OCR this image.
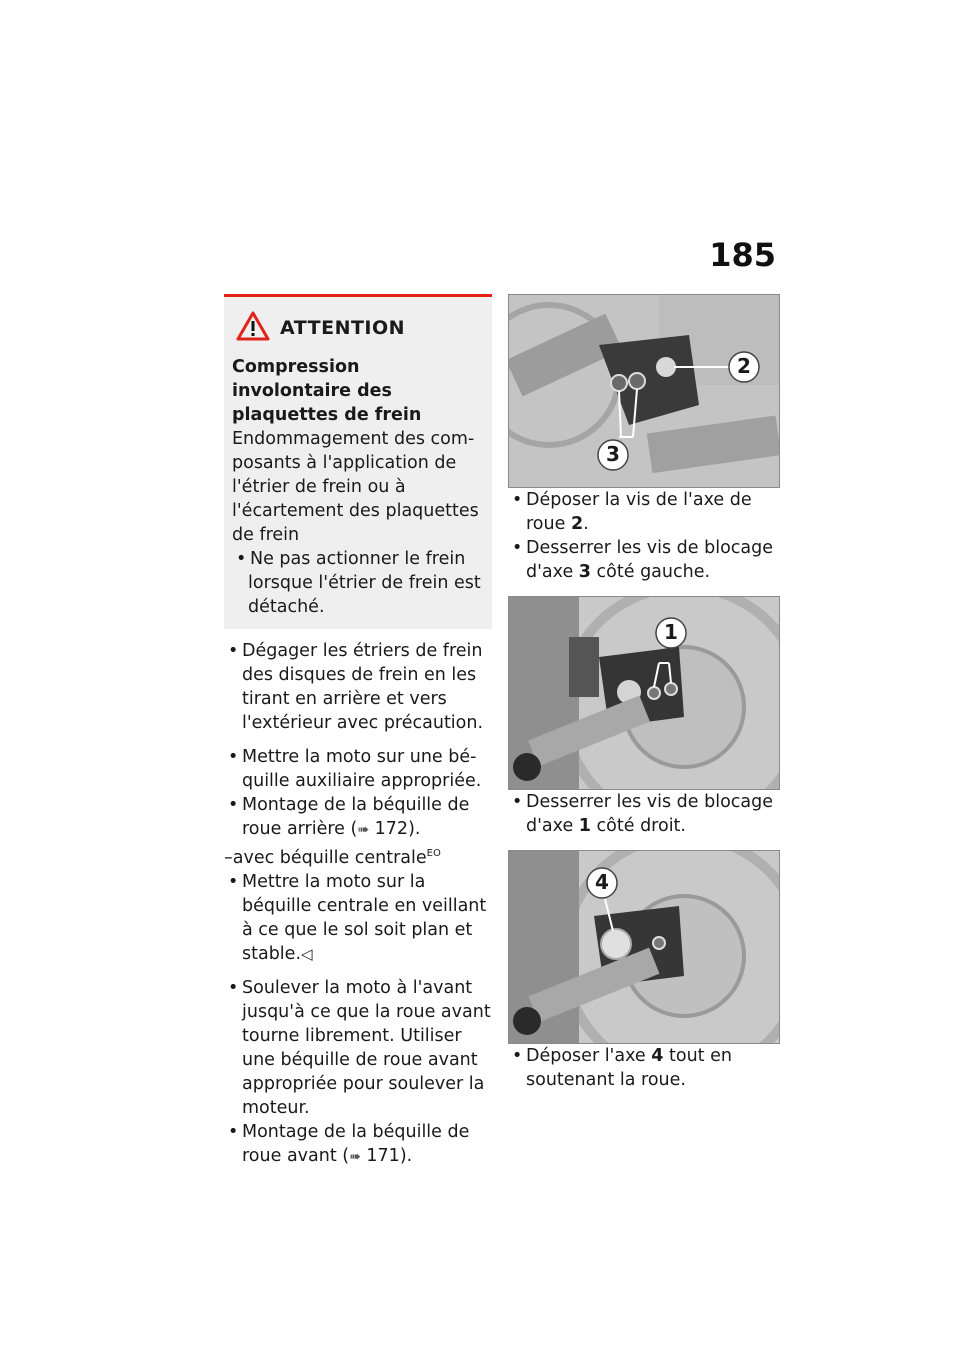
185
ATTENTION
Compression involontaire des plaquettes de frein
Endommagement des composants à l'application de l'étrier de frein ou à l'écartement des plaquettes de frein
• Ne pas actionner le frein lorsque l'étrier de frein est détaché.

• Dégager les étriers de frein des disques de frein en les tirant en arrière et vers l'extérieur avec précaution.

• Mettre la moto sur une béquille auxiliaire appropriée.

• Montage de la béquille de roue arrière (➠ 172).

–avec béquille centrale$^{EO}$

• Mettre la moto sur la béquille centrale en veillant à ce que le sol soit plan et stable.◁

• Soulever la moto à l'avant jusqu'à ce que la roue avant tourne librement. Utiliser une béquille de roue avant appropriée pour soulever la moteur.

• Montage de la béquille de roue avant (➠ 171).

2
3

• Déposer la vis de l'axe de roue 2.

• Desserrer les vis de blocage d'axe 3 côté gauche.

1

• Desserrer les vis de blocage d'axe 1 côté droit.

4

• Déposer l'axe 4 tout en soutenant la roue.
